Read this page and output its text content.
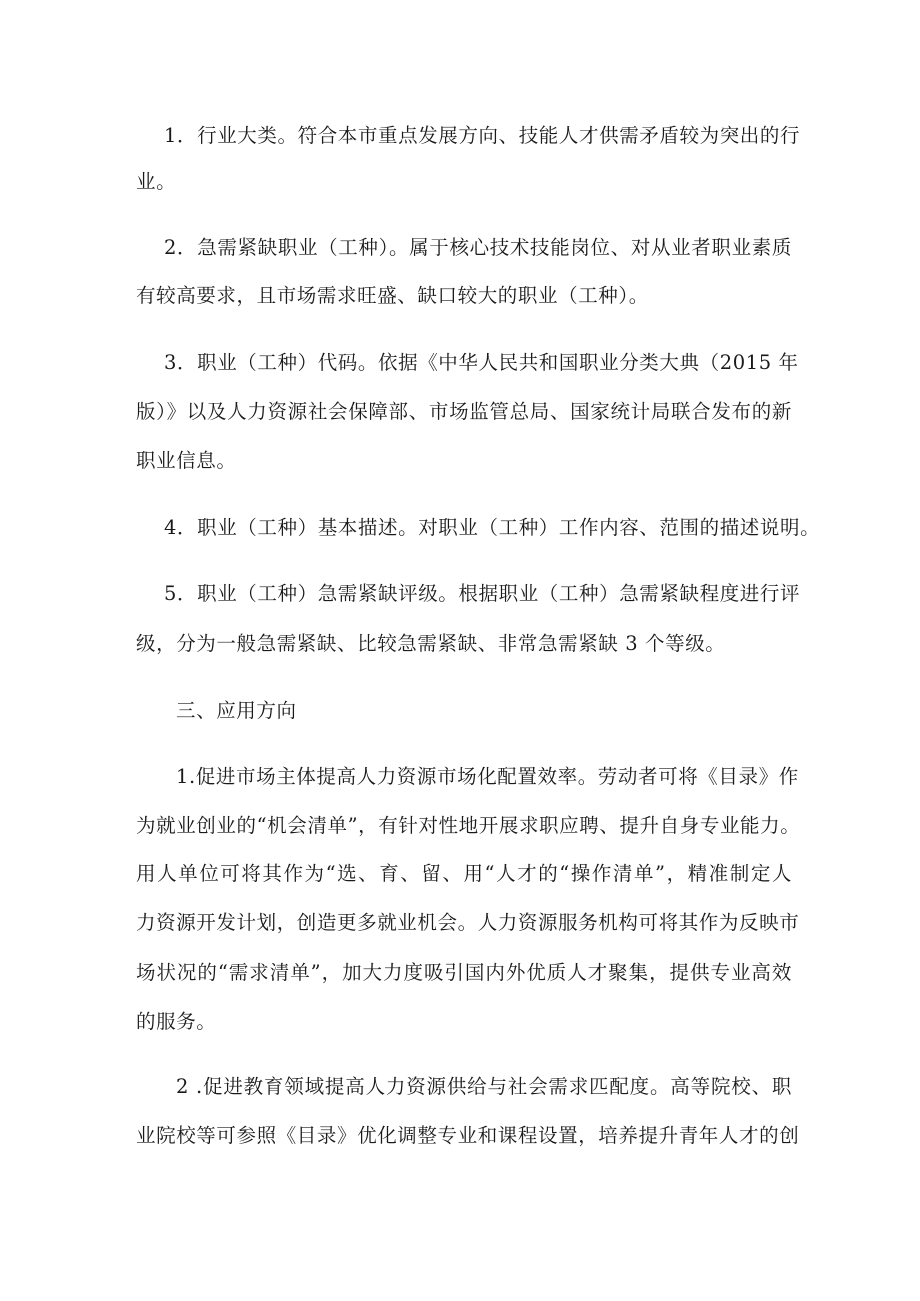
1．行业大类。符合本市重点发展方向、技能人才供需矛盾较为突出的行
业。
2．急需紧缺职业（工种）。属于核心技术技能岗位、对从业者职业素质
有较高要求，且市场需求旺盛、缺口较大的职业（工种）。
3．职业（工种）代码。依据《中华人民共和国职业分类大典（2015 年
版）》以及人力资源社会保障部、市场监管总局、国家统计局联合发布的新
职业信息。
4．职业（工种）基本描述。对职业（工种）工作内容、范围的描述说明。
5．职业（工种）急需紧缺评级。根据职业（工种）急需紧缺程度进行评
级，分为一般急需紧缺、比较急需紧缺、非常急需紧缺 3 个等级。
三、应用方向
1.促进市场主体提高人力资源市场化配置效率。劳动者可将《目录》作
为就业创业的“机会清单”，有针对性地开展求职应聘、提升自身专业能力。
用人单位可将其作为“选、育、留、用“人才的“操作清单”，精准制定人
力资源开发计划，创造更多就业机会。人力资源服务机构可将其作为反映市
场状况的“需求清单”，加大力度吸引国内外优质人才聚集，提供专业高效
的服务。
2 .促进教育领域提高人力资源供给与社会需求匹配度。高等院校、职
业院校等可参照《目录》优化调整专业和课程设置，培养提升青年人才的创
